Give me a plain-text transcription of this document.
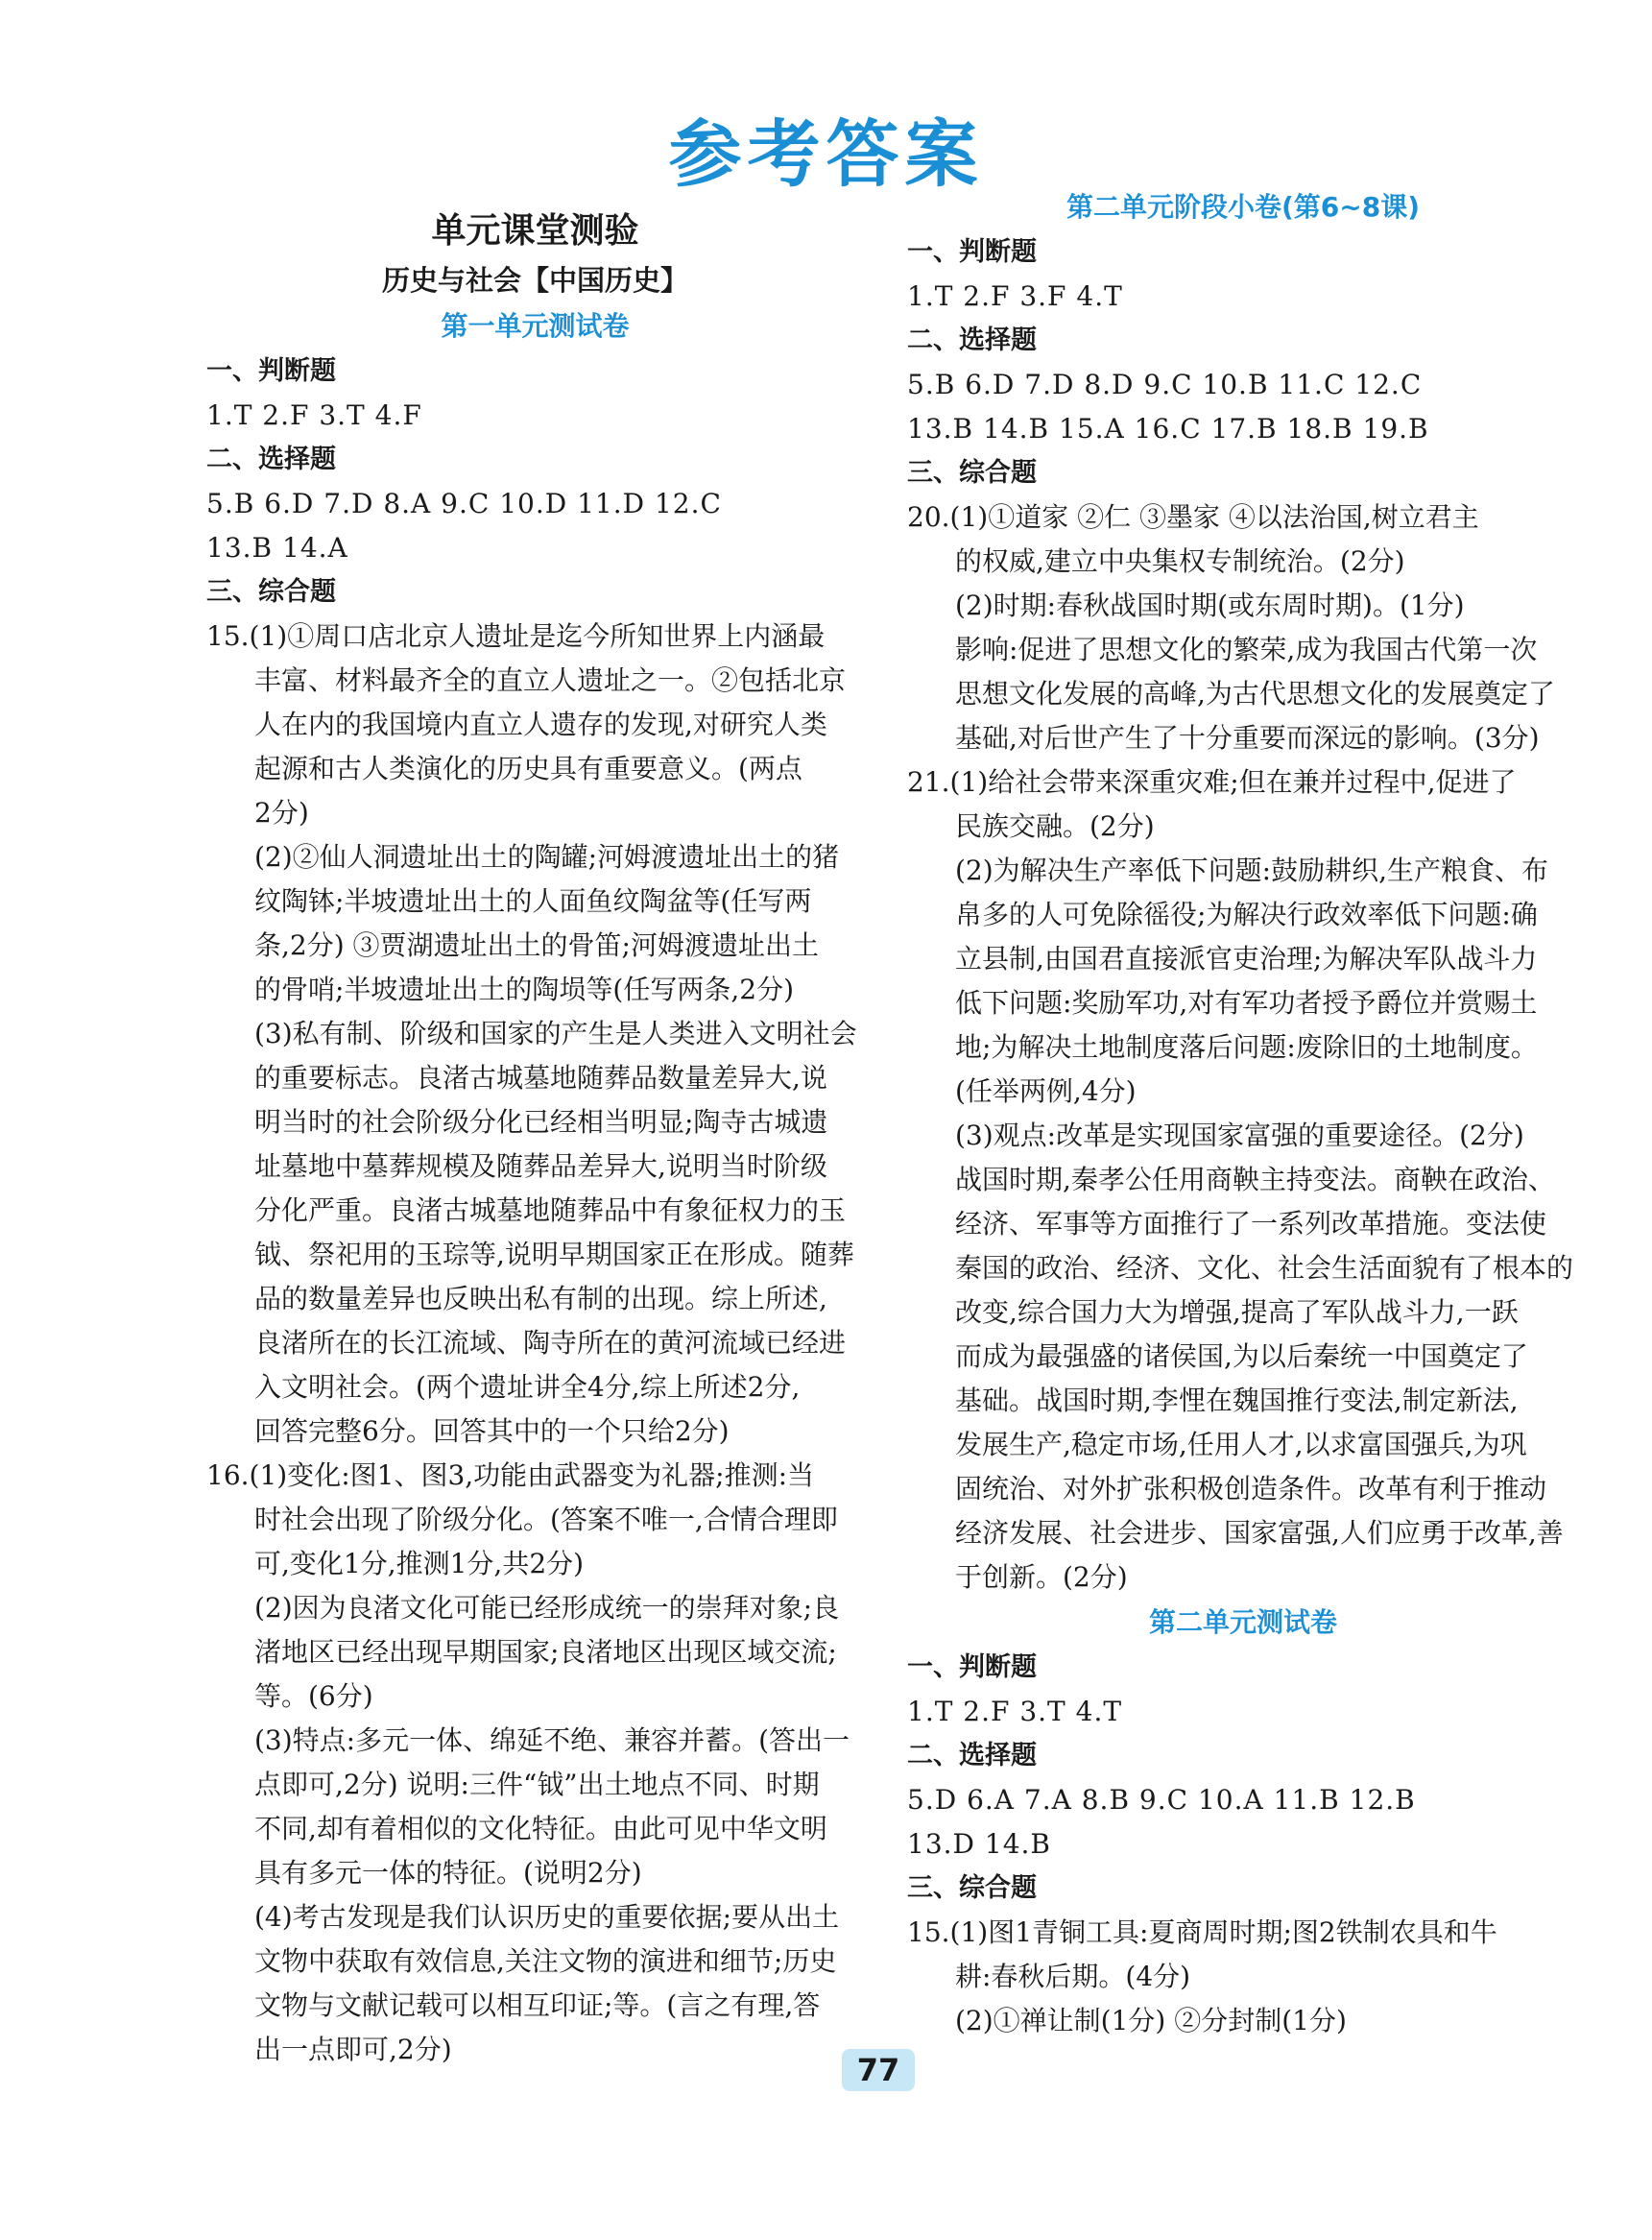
参考答案
单元课堂测验
历史与社会【中国历史】
第一单元测试卷
一、判断题
1.T 2.F 3.T 4.F
二、选择题
5.B 6.D 7.D 8.A 9.C 10.D 11.D 12.C
13.B 14.A
三、综合题
15.(1)①周口店北京人遗址是迄今所知世界上内涵最
丰富、材料最齐全的直立人遗址之一。②包括北京
人在内的我国境内直立人遗存的发现,对研究人类
起源和古人类演化的历史具有重要意义。(两点
2分)
(2)②仙人洞遗址出土的陶罐;河姆渡遗址出土的猪
纹陶钵;半坡遗址出土的人面鱼纹陶盆等(任写两
条,2分) ③贾湖遗址出土的骨笛;河姆渡遗址出土
的骨哨;半坡遗址出土的陶埙等(任写两条,2分)
(3)私有制、阶级和国家的产生是人类进入文明社会
的重要标志。良渚古城墓地随葬品数量差异大,说
明当时的社会阶级分化已经相当明显;陶寺古城遗
址墓地中墓葬规模及随葬品差异大,说明当时阶级
分化严重。良渚古城墓地随葬品中有象征权力的玉
钺、祭祀用的玉琮等,说明早期国家正在形成。随葬
品的数量差异也反映出私有制的出现。综上所述,
良渚所在的长江流域、陶寺所在的黄河流域已经进
入文明社会。(两个遗址讲全4分,综上所述2分,
回答完整6分。回答其中的一个只给2分)
16.(1)变化:图1、图3,功能由武器变为礼器;推测:当
时社会出现了阶级分化。(答案不唯一,合情合理即
可,变化1分,推测1分,共2分)
(2)因为良渚文化可能已经形成统一的崇拜对象;良
渚地区已经出现早期国家;良渚地区出现区域交流;
等。(6分)
(3)特点:多元一体、绵延不绝、兼容并蓄。(答出一
点即可,2分) 说明:三件“钺”出土地点不同、时期
不同,却有着相似的文化特征。由此可见中华文明
具有多元一体的特征。(说明2分)
(4)考古发现是我们认识历史的重要依据;要从出土
文物中获取有效信息,关注文物的演进和细节;历史
文物与文献记载可以相互印证;等。(言之有理,答
出一点即可,2分)
第二单元阶段小卷(第6~8课)
一、判断题
1.T 2.F 3.F 4.T
二、选择题
5.B 6.D 7.D 8.D 9.C 10.B 11.C 12.C
13.B 14.B 15.A 16.C 17.B 18.B 19.B
三、综合题
20.(1)①道家 ②仁 ③墨家 ④以法治国,树立君主
的权威,建立中央集权专制统治。(2分)
(2)时期:春秋战国时期(或东周时期)。(1分)
影响:促进了思想文化的繁荣,成为我国古代第一次
思想文化发展的高峰,为古代思想文化的发展奠定了
基础,对后世产生了十分重要而深远的影响。(3分)
21.(1)给社会带来深重灾难;但在兼并过程中,促进了
民族交融。(2分)
(2)为解决生产率低下问题:鼓励耕织,生产粮食、布
帛多的人可免除徭役;为解决行政效率低下问题:确
立县制,由国君直接派官吏治理;为解决军队战斗力
低下问题:奖励军功,对有军功者授予爵位并赏赐土
地;为解决土地制度落后问题:废除旧的土地制度。
(任举两例,4分)
(3)观点:改革是实现国家富强的重要途径。(2分)
战国时期,秦孝公任用商鞅主持变法。商鞅在政治、
经济、军事等方面推行了一系列改革措施。变法使
秦国的政治、经济、文化、社会生活面貌有了根本的
改变,综合国力大为增强,提高了军队战斗力,一跃
而成为最强盛的诸侯国,为以后秦统一中国奠定了
基础。战国时期,李悝在魏国推行变法,制定新法,
发展生产,稳定市场,任用人才,以求富国强兵,为巩
固统治、对外扩张积极创造条件。改革有利于推动
经济发展、社会进步、国家富强,人们应勇于改革,善
于创新。(2分)
第二单元测试卷
一、判断题
1.T 2.F 3.T 4.T
二、选择题
5.D 6.A 7.A 8.B 9.C 10.A 11.B 12.B
13.D 14.B
三、综合题
15.(1)图1青铜工具:夏商周时期;图2铁制农具和牛
耕:春秋后期。(4分)
(2)①禅让制(1分) ②分封制(1分)
77
